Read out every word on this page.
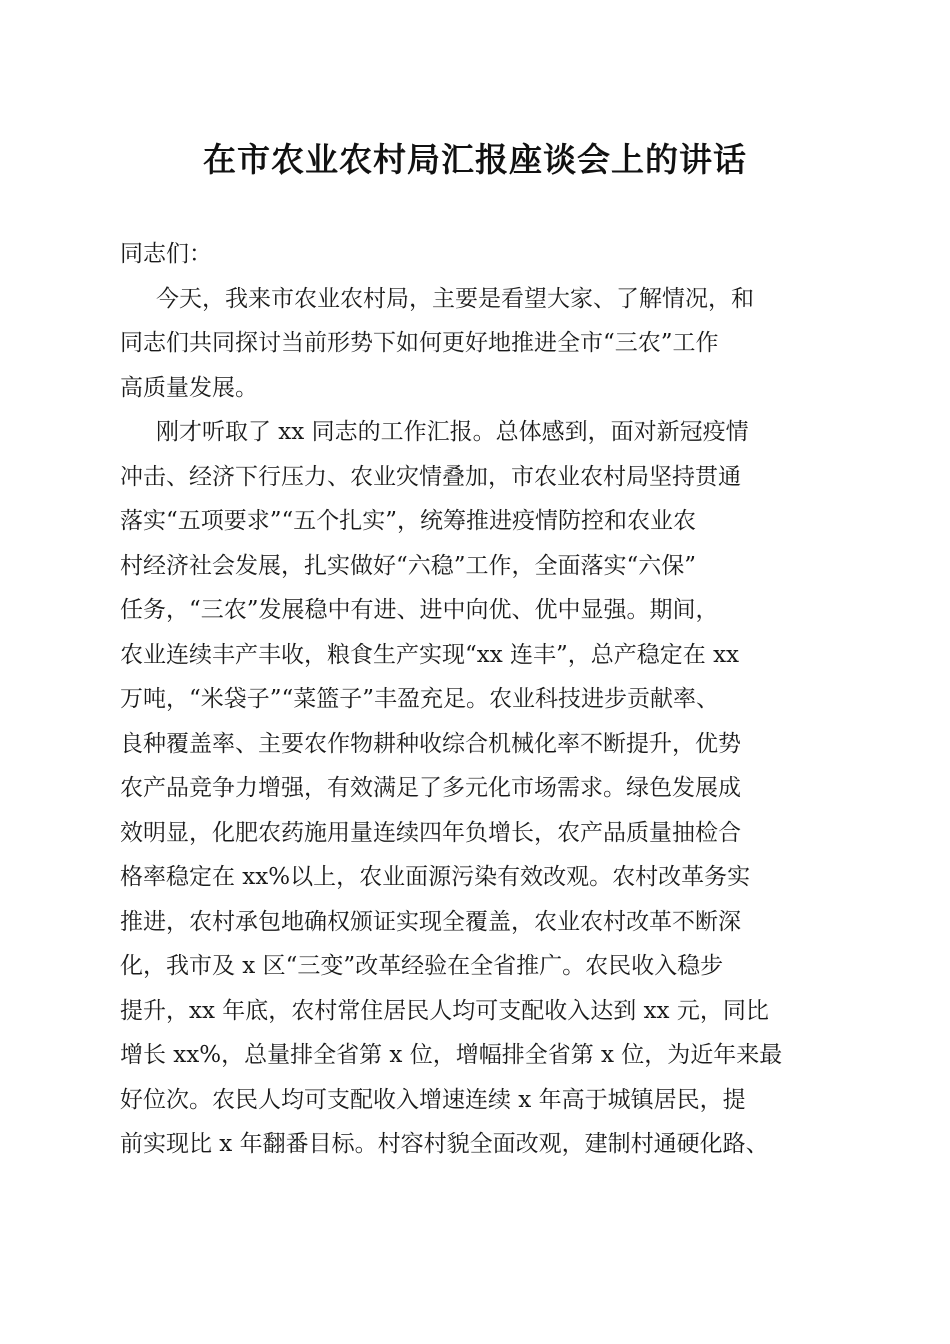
在市农业农村局汇报座谈会上的讲话
同志们：
今天，我来市农业农村局，主要是看望大家、了解情况，和
同志们共同探讨当前形势下如何更好地推进全市“三农”工作
高质量发展。
刚才听取了 xx 同志的工作汇报。总体感到，面对新冠疫情
冲击、经济下行压力、农业灾情叠加，市农业农村局坚持贯通
落实“五项要求”“五个扎实”，统筹推进疫情防控和农业农
村经济社会发展，扎实做好“六稳”工作，全面落实“六保”
任务，“三农”发展稳中有进、进中向优、优中显强。期间，
农业连续丰产丰收，粮食生产实现“xx 连丰”，总产稳定在 xx
万吨，“米袋子”“菜篮子”丰盈充足。农业科技进步贡献率、
良种覆盖率、主要农作物耕种收综合机械化率不断提升，优势
农产品竞争力增强，有效满足了多元化市场需求。绿色发展成
效明显，化肥农药施用量连续四年负增长，农产品质量抽检合
格率稳定在 xx%以上，农业面源污染有效改观。农村改革务实
推进，农村承包地确权颁证实现全覆盖，农业农村改革不断深
化，我市及 x 区“三变”改革经验在全省推广。农民收入稳步
提升，xx 年底，农村常住居民人均可支配收入达到 xx 元，同比
增长 xx%，总量排全省第 x 位，增幅排全省第 x 位，为近年来最
好位次。农民人均可支配收入增速连续 x 年高于城镇居民，提
前实现比 x 年翻番目标。村容村貌全面改观，建制村通硬化路、
